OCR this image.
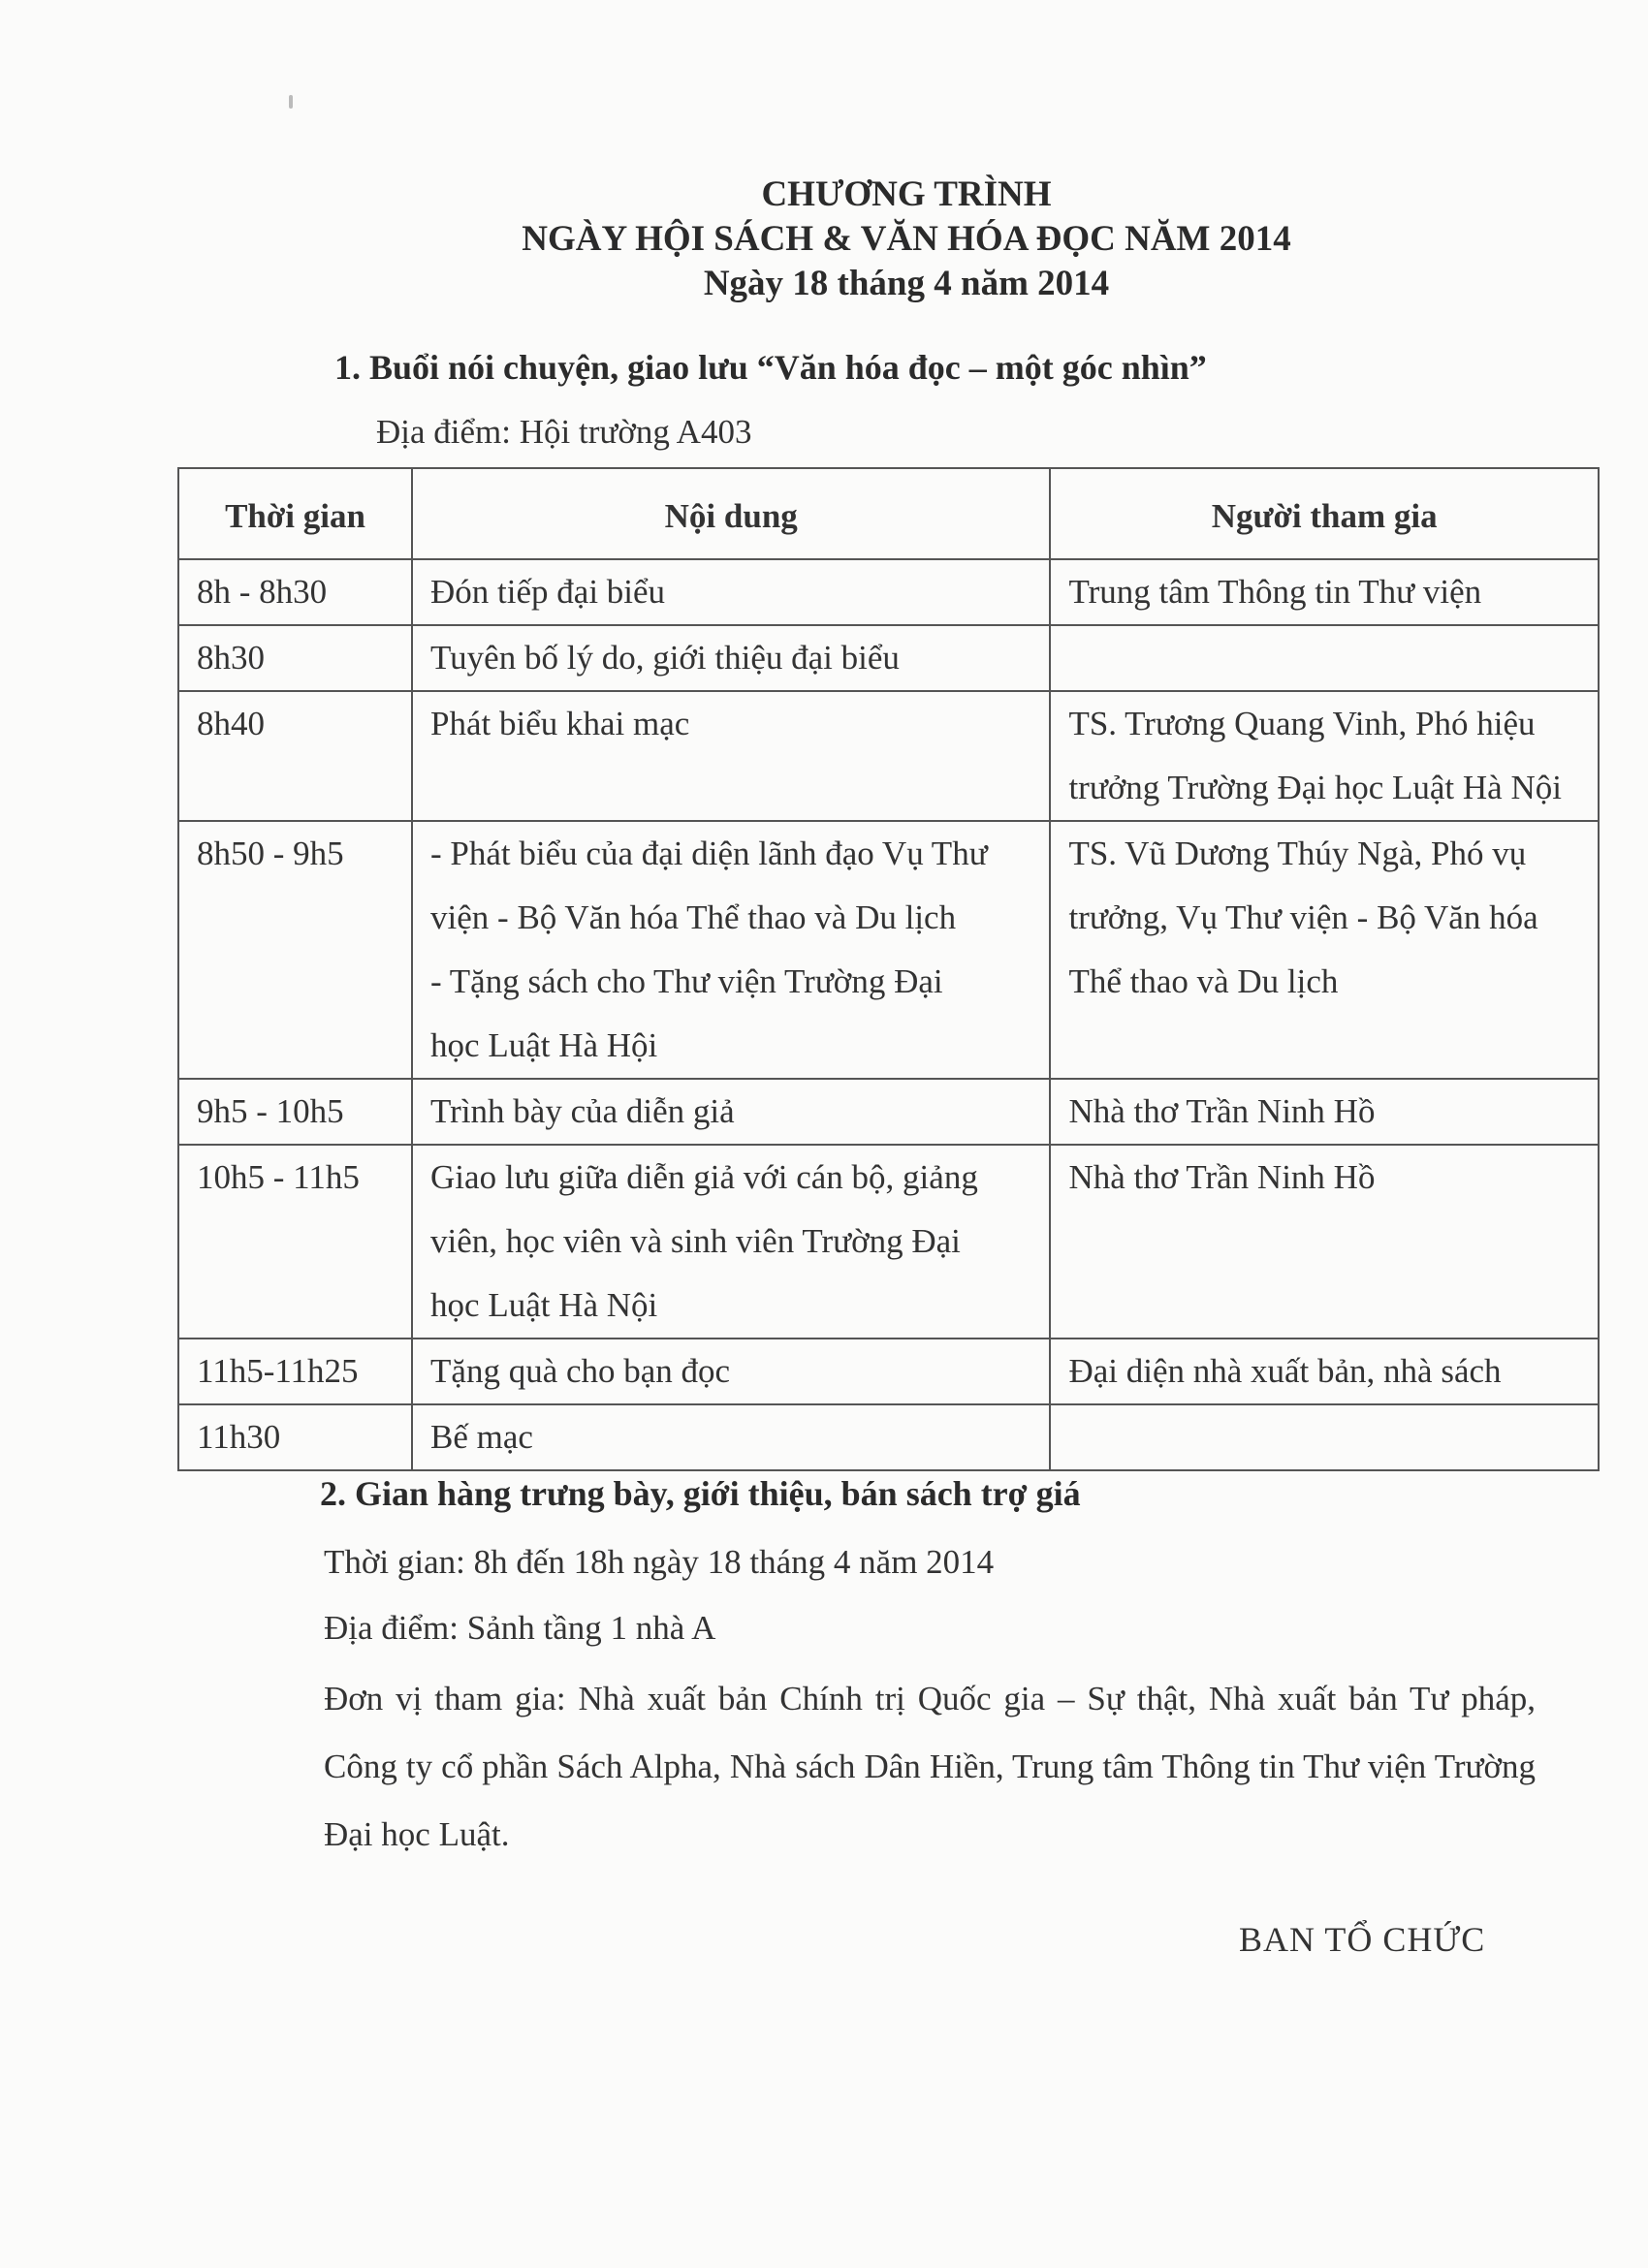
CHƯƠNG TRÌNH
NGÀY HỘI SÁCH & VĂN HÓA ĐỌC NĂM 2014
Ngày 18 tháng 4 năm 2014
1. Buổi nói chuyện, giao lưu “Văn hóa đọc – một góc nhìn”
Địa điểm: Hội trường A403
Thời gian	Nội dung	Người tham gia
8h - 8h30	Đón tiếp đại biểu	Trung tâm Thông tin Thư viện

8h30	Tuyên bố lý do, giới thiệu đại biểu	

8h40	Phát biểu khai mạc	TS. Trương Quang Vinh, Phó hiệu
trưởng Trường Đại học Luật Hà Nội

8h50 - 9h5	- Phát biểu của đại diện lãnh đạo Vụ Thư
viện - Bộ Văn hóa Thể thao và Du lịch
- Tặng sách cho Thư viện Trường Đại
học Luật Hà Hội	TS. Vũ Dương Thúy Ngà, Phó vụ
trưởng, Vụ Thư viện - Bộ Văn hóa
Thể thao và Du lịch

9h5 - 10h5	Trình bày của diễn giả	Nhà thơ Trần Ninh Hồ

10h5 - 11h5	Giao lưu giữa diễn giả với cán bộ, giảng
viên, học viên và sinh viên Trường Đại
học Luật Hà Nội	Nhà thơ Trần Ninh Hồ

11h5-11h25	Tặng quà cho bạn đọc	Đại diện nhà xuất bản, nhà sách

11h30	Bế mạc	

2. Gian hàng trưng bày, giới thiệu, bán sách trợ giá
Thời gian: 8h đến 18h ngày 18 tháng 4 năm 2014
Địa điểm: Sảnh tầng 1 nhà A
Đơn vị tham gia: Nhà xuất bản Chính trị Quốc gia – Sự thật, Nhà xuất bản Tư pháp, Công ty cổ phần Sách Alpha, Nhà sách Dân Hiền, Trung tâm Thông tin Thư viện Trường Đại học Luật.
BAN TỔ CHỨC
